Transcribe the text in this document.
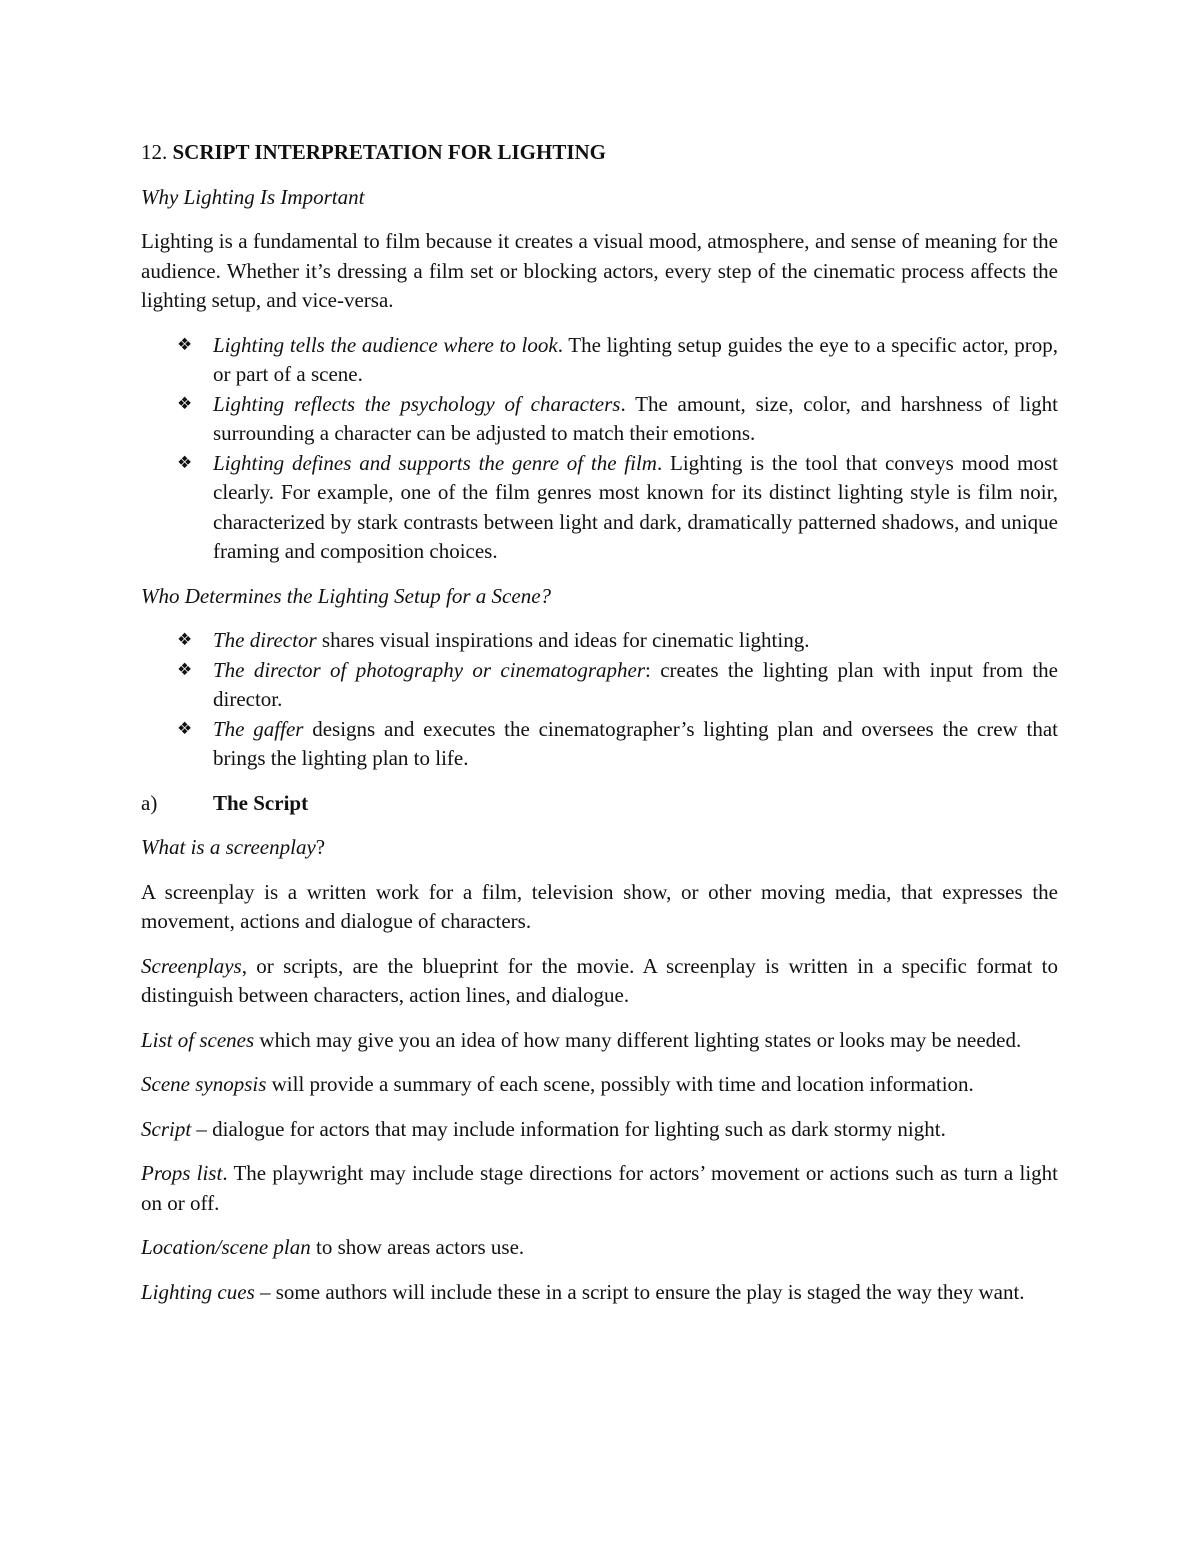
12. SCRIPT INTERPRETATION FOR LIGHTING

Why Lighting Is Important

Lighting is a fundamental to film because it creates a visual mood, atmosphere, and sense of meaning for the audience. Whether it’s dressing a film set or blocking actors, every step of the cinematic process affects the lighting setup, and vice-versa.

❖ Lighting tells the audience where to look. The lighting setup guides the eye to a specific actor, prop, or part of a scene.
❖ Lighting reflects the psychology of characters. The amount, size, color, and harshness of light surrounding a character can be adjusted to match their emotions.
❖ Lighting defines and supports the genre of the film. Lighting is the tool that conveys mood most clearly. For example, one of the film genres most known for its distinct lighting style is film noir, characterized by stark contrasts between light and dark, dramatically patterned shadows, and unique framing and composition choices.

Who Determines the Lighting Setup for a Scene?

❖ The director shares visual inspirations and ideas for cinematic lighting.
❖ The director of photography or cinematographer: creates the lighting plan with input from the director.
❖ The gaffer designs and executes the cinematographer’s lighting plan and oversees the crew that brings the lighting plan to life.
a)	The Script

What is a screenplay?

A screenplay is a written work for a film, television show, or other moving media, that expresses the movement, actions and dialogue of characters.

Screenplays, or scripts, are the blueprint for the movie. A screenplay is written in a specific format to distinguish between characters, action lines, and dialogue.

List of scenes which may give you an idea of how many different lighting states or looks may be needed.

Scene synopsis will provide a summary of each scene, possibly with time and location information.

Script – dialogue for actors that may include information for lighting such as dark stormy night.

Props list. The playwright may include stage directions for actors’ movement or actions such as turn a light on or off.

Location/scene plan to show areas actors use.

Lighting cues – some authors will include these in a script to ensure the play is staged the way they want.
